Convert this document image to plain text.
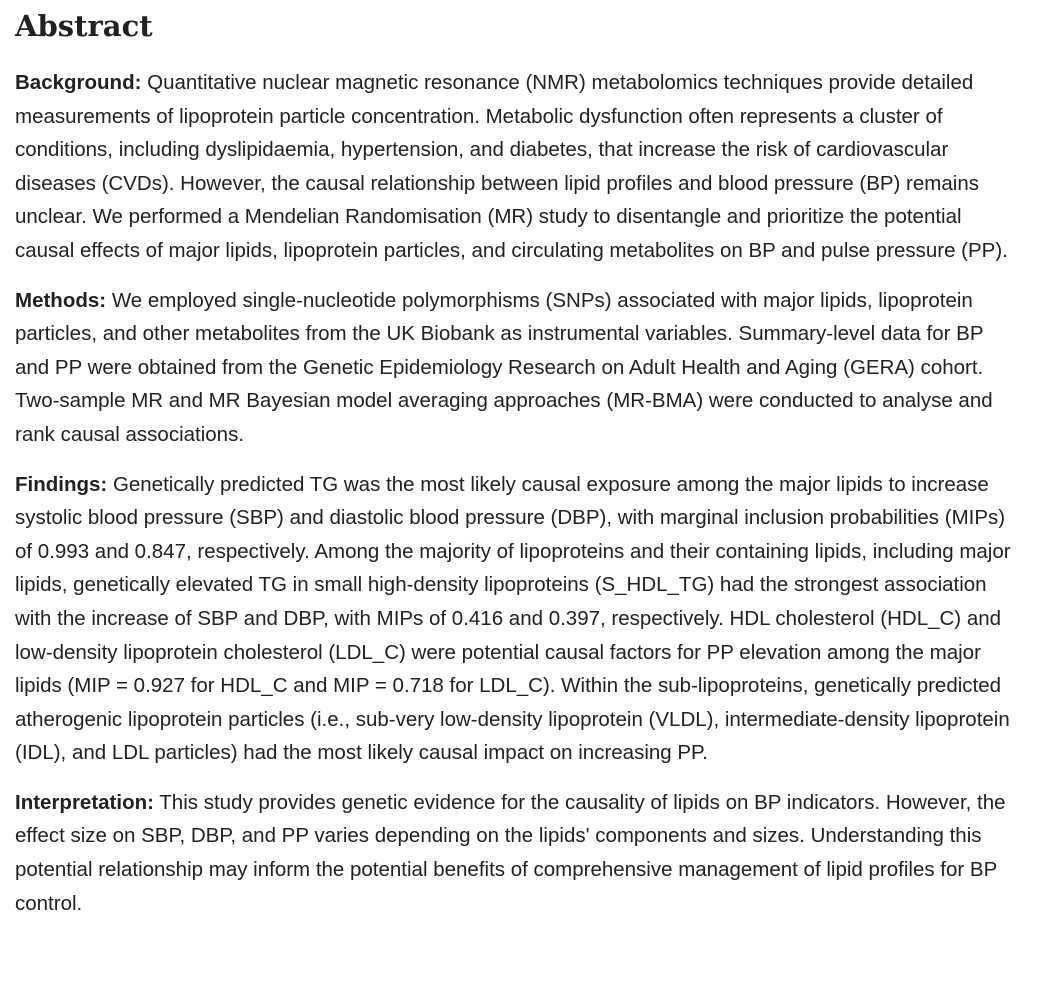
Abstract

Background: Quantitative nuclear magnetic resonance (NMR) metabolomics techniques provide detailed measurements of lipoprotein particle concentration. Metabolic dysfunction often represents a cluster of conditions, including dyslipidaemia, hypertension, and diabetes, that increase the risk of cardiovascular diseases (CVDs). However, the causal relationship between lipid profiles and blood pressure (BP) remains unclear. We performed a Mendelian Randomisation (MR) study to disentangle and prioritize the potential causal effects of major lipids, lipoprotein particles, and circulating metabolites on BP and pulse pressure (PP).

Methods: We employed single-nucleotide polymorphisms (SNPs) associated with major lipids, lipoprotein particles, and other metabolites from the UK Biobank as instrumental variables. Summary-level data for BP and PP were obtained from the Genetic Epidemiology Research on Adult Health and Aging (GERA) cohort. Two-sample MR and MR Bayesian model averaging approaches (MR-BMA) were conducted to analyse and rank causal associations.

Findings: Genetically predicted TG was the most likely causal exposure among the major lipids to increase systolic blood pressure (SBP) and diastolic blood pressure (DBP), with marginal inclusion probabilities (MIPs) of 0.993 and 0.847, respectively. Among the majority of lipoproteins and their containing lipids, including major lipids, genetically elevated TG in small high-density lipoproteins (S_HDL_TG) had the strongest association with the increase of SBP and DBP, with MIPs of 0.416 and 0.397, respectively. HDL cholesterol (HDL_C) and low-density lipoprotein cholesterol (LDL_C) were potential causal factors for PP elevation among the major lipids (MIP = 0.927 for HDL_C and MIP = 0.718 for LDL_C). Within the sub-lipoproteins, genetically predicted atherogenic lipoprotein particles (i.e., sub-very low-density lipoprotein (VLDL), intermediate-density lipoprotein (IDL), and LDL particles) had the most likely causal impact on increasing PP.

Interpretation: This study provides genetic evidence for the causality of lipids on BP indicators. However, the effect size on SBP, DBP, and PP varies depending on the lipids' components and sizes. Understanding this potential relationship may inform the potential benefits of comprehensive management of lipid profiles for BP control.
